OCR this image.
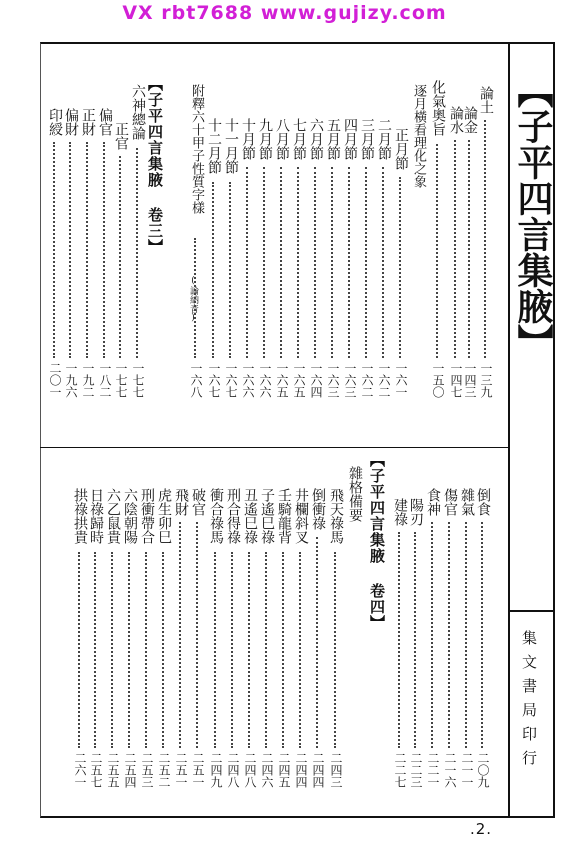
VX rbt7688 www.gujizy.com
【子平四言集腋】
集文書局印行
【子平四言集腋 卷三】
【子平四言集腋 卷四】
(論納音)
論土
一三九
論金
一四三
論水
一四七
化氣奧旨
一五〇
逐月橫看理化之象
正月節
一六一
二月節
一六二
三月節
一六二
四月節
一六三
五月節
一六三
六月節
一六四
七月節
一六五
八月節
一六五
九月節
一六六
十月節
一六六
十一月節
一六七
十二月節
一六七
附釋六十甲子性質字樣
一六八
六神總論
一七七
正官
一七七
偏官
一八二
正財
一九二
偏財
一九六
印綬
二〇一
倒食
二〇九
雜氣
二一一
傷官
二一六
食神
二二一
陽刃
二二三
建祿
二二七
雜格備要
飛天祿馬
二四三
倒衝祿
二四四
井欄斜叉
二四四
壬騎龍背
二四五
子遙巳祿
二四六
丑遙巳祿
二四八
刑合得祿
二四八
衝合祿馬
二四九
破官
二五一
飛財
二五一
虎生卯巳
二五二
刑衝帶合
二五三
六陰朝陽
二五四
六乙鼠貴
二五五
日祿歸時
二五七
拱祿拱貴
二六一
.2.
